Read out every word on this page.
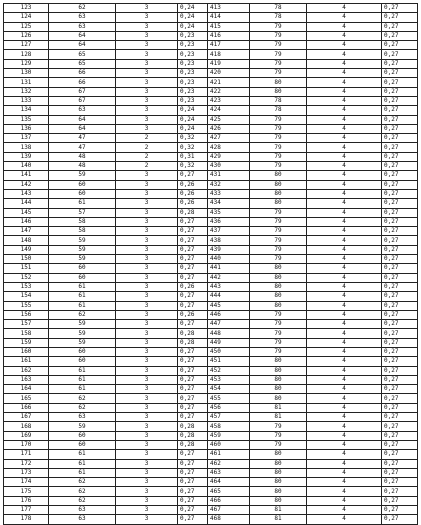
123	62	3	0,24	413	78	4	0,27
124	63	3	0,24	414	78	4	0,27
125	63	3	0,24	415	79	4	0,27
126	64	3	0,23	416	79	4	0,27
127	64	3	0,23	417	79	4	0,27
128	65	3	0,23	418	79	4	0,27
129	65	3	0,23	419	79	4	0,27
130	66	3	0,23	420	79	4	0,27
131	66	3	0,23	421	80	4	0,27
132	67	3	0,23	422	80	4	0,27
133	67	3	0,23	423	78	4	0,27
134	63	3	0,24	424	78	4	0,27
135	64	3	0,24	425	79	4	0,27
136	64	3	0,24	426	79	4	0,27
137	47	2	0,32	427	79	4	0,27
138	47	2	0,32	428	79	4	0,27
139	48	2	0,31	429	79	4	0,27
140	48	2	0,32	430	79	4	0,27
141	59	3	0,27	431	80	4	0,27
142	60	3	0,26	432	80	4	0,27
143	60	3	0,26	433	80	4	0,27
144	61	3	0,26	434	80	4	0,27
145	57	3	0,28	435	79	4	0,27
146	58	3	0,27	436	79	4	0,27
147	58	3	0,27	437	79	4	0,27
148	59	3	0,27	438	79	4	0,27
149	59	3	0,27	439	79	4	0,27
150	59	3	0,27	440	79	4	0,27
151	60	3	0,27	441	80	4	0,27
152	60	3	0,27	442	80	4	0,27
153	61	3	0,26	443	80	4	0,27
154	61	3	0,27	444	80	4	0,27
155	61	3	0,27	445	80	4	0,27
156	62	3	0,26	446	79	4	0,27
157	59	3	0,27	447	79	4	0,27
158	59	3	0,28	448	79	4	0,27
159	59	3	0,28	449	79	4	0,27
160	60	3	0,27	450	79	4	0,27
161	60	3	0,27	451	80	4	0,27
162	61	3	0,27	452	80	4	0,27
163	61	3	0,27	453	80	4	0,27
164	61	3	0,27	454	80	4	0,27
165	62	3	0,27	455	80	4	0,27
166	62	3	0,27	456	81	4	0,27
167	63	3	0,27	457	81	4	0,27
168	59	3	0,28	458	79	4	0,27
169	60	3	0,28	459	79	4	0,27
170	60	3	0,28	460	79	4	0,27
171	61	3	0,27	461	80	4	0,27
172	61	3	0,27	462	80	4	0,27
173	61	3	0,27	463	80	4	0,27
174	62	3	0,27	464	80	4	0,27
175	62	3	0,27	465	80	4	0,27
176	62	3	0,27	466	80	4	0,27
177	63	3	0,27	467	81	4	0,27
178	63	3	0,27	468	81	4	0,27
